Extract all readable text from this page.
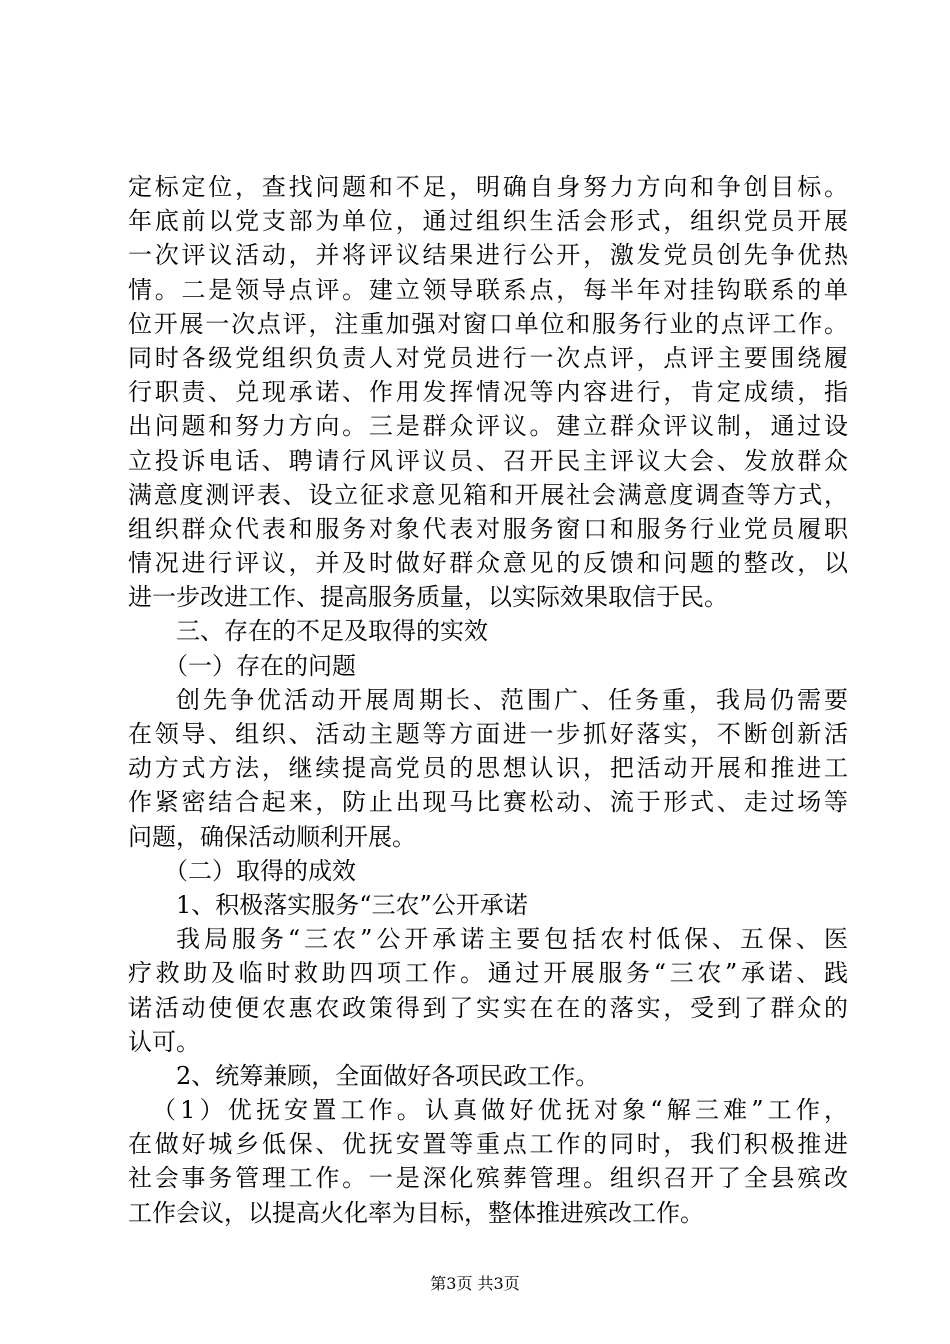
定标定位，查找问题和不足，明确自身努力方向和争创目标。
年底前以党支部为单位，通过组织生活会形式，组织党员开展
一次评议活动，并将评议结果进行公开，激发党员创先争优热
情。二是领导点评。建立领导联系点，每半年对挂钩联系的单
位开展一次点评，注重加强对窗口单位和服务行业的点评工作。
同时各级党组织负责人对党员进行一次点评，点评主要围绕履
行职责、兑现承诺、作用发挥情况等内容进行，肯定成绩，指
出问题和努力方向。三是群众评议。建立群众评议制，通过设
立投诉电话、聘请行风评议员、召开民主评议大会、发放群众
满意度测评表、设立征求意见箱和开展社会满意度调查等方式，
组织群众代表和服务对象代表对服务窗口和服务行业党员履职
情况进行评议，并及时做好群众意见的反馈和问题的整改，以
进一步改进工作、提高服务质量，以实际效果取信于民。
三、存在的不足及取得的实效
（一）存在的问题
创先争优活动开展周期长、范围广、任务重，我局仍需要
在领导、组织、活动主题等方面进一步抓好落实，不断创新活
动方式方法，继续提高党员的思想认识，把活动开展和推进工
作紧密结合起来，防止出现马比赛松动、流于形式、走过场等
问题，确保活动顺利开展。
（二）取得的成效
1、积极落实服务“三农”公开承诺
我局服务“三农”公开承诺主要包括农村低保、五保、医
疗救助及临时救助四项工作。通过开展服务“三农”承诺、践
诺活动使便农惠农政策得到了实实在在的落实，受到了群众的
认可。
2、统筹兼顾，全面做好各项民政工作。
（1）优抚安置工作。认真做好优抚对象“解三难”工作，
在做好城乡低保、优抚安置等重点工作的同时，我们积极推进
社会事务管理工作。一是深化殡葬管理。组织召开了全县殡改
工作会议，以提高火化率为目标，整体推进殡改工作。
第3页 共3页
